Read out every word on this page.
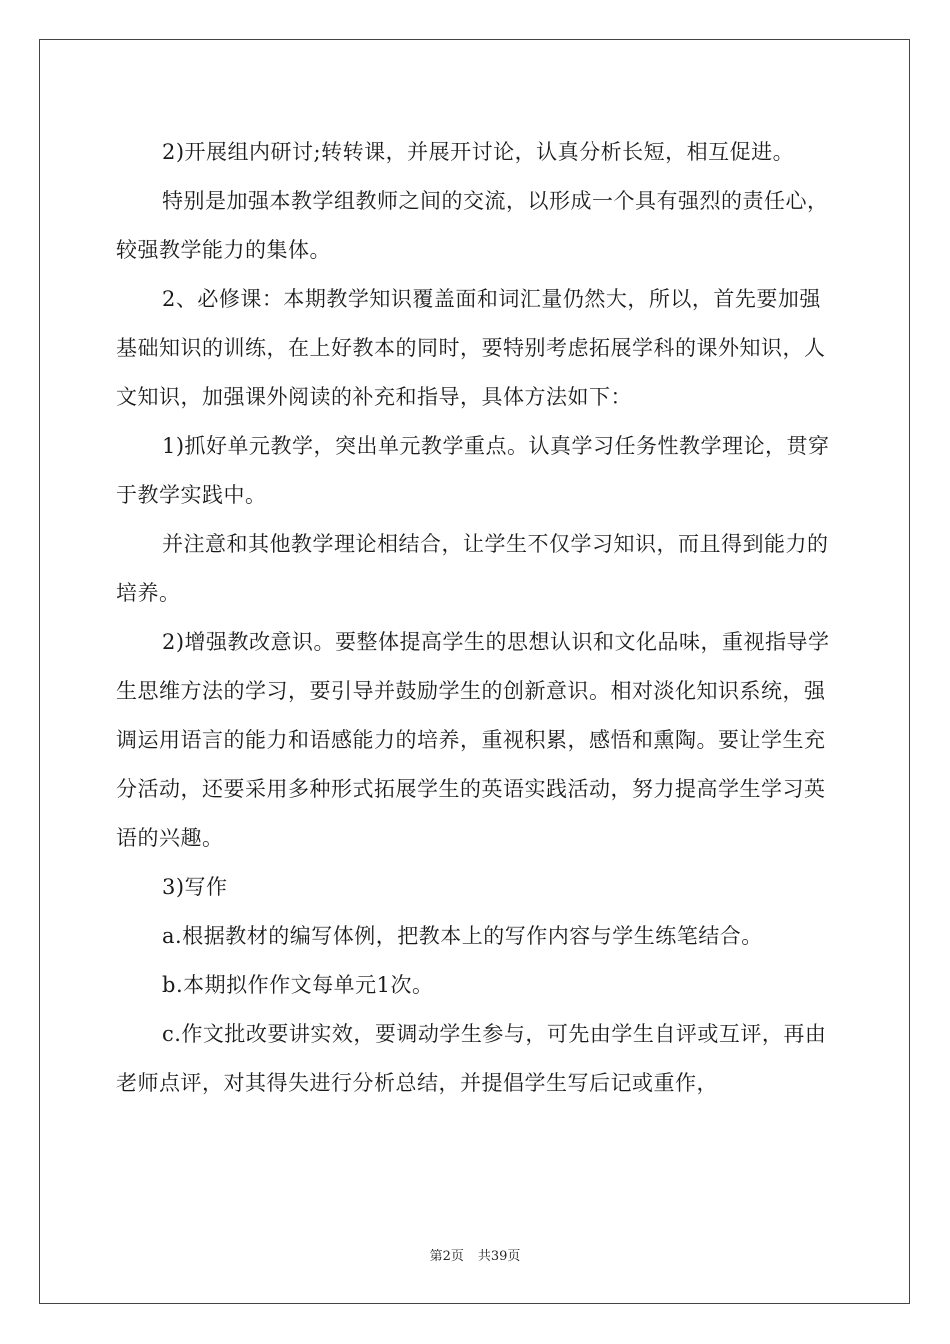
2)开展组内研讨;转转课，并展开讨论，认真分析长短，相互促进。

特别是加强本教学组教师之间的交流，以形成一个具有强烈的责任心，较强教学能力的集体。

2、必修课：本期教学知识覆盖面和词汇量仍然大，所以，首先要加强基础知识的训练，在上好教本的同时，要特别考虑拓展学科的课外知识，人文知识，加强课外阅读的补充和指导，具体方法如下：

1)抓好单元教学，突出单元教学重点。认真学习任务性教学理论，贯穿于教学实践中。

并注意和其他教学理论相结合，让学生不仅学习知识，而且得到能力的培养。

2)增强教改意识。要整体提高学生的思想认识和文化品味，重视指导学生思维方法的学习，要引导并鼓励学生的创新意识。相对淡化知识系统，强调运用语言的能力和语感能力的培养，重视积累，感悟和熏陶。要让学生充分活动，还要采用多种形式拓展学生的英语实践活动，努力提高学生学习英语的兴趣。

3)写作

a.根据教材的编写体例，把教本上的写作内容与学生练笔结合。

b.本期拟作作文每单元1次。

c.作文批改要讲实效，要调动学生参与，可先由学生自评或互评，再由老师点评，对其得失进行分析总结，并提倡学生写后记或重作，

第2页 共39页
